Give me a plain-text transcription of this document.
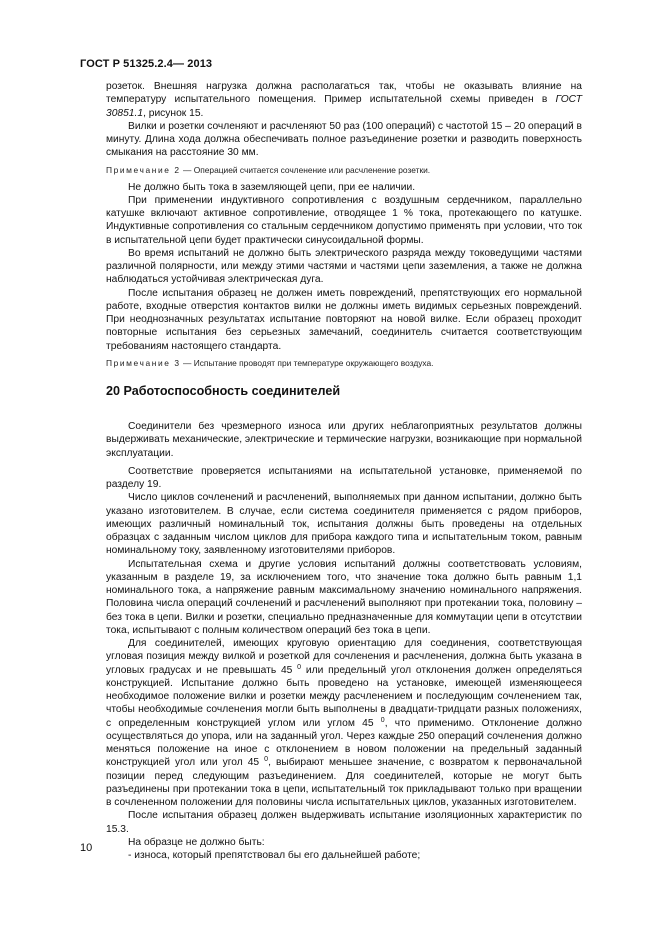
ГОСТ Р 51325.2.4— 2013

розеток. Внешняя нагрузка должна располагаться так, чтобы не оказывать влияние на температуру испытательного помещения. Пример испытательной схемы приведен в ГОСТ 30851.1, рисунок 15.

Вилки и розетки сочленяют и расчленяют 50 раз (100 операций) с частотой 15 – 20 операций в минуту. Длина хода должна обеспечивать полное разъединение розетки и разводить поверхность смыкания на расстояние 30 мм.

Примечание 2 — Операцией считается сочленение или расчленение розетки.

Не должно быть тока в заземляющей цепи, при ее наличии.

При применении индуктивного сопротивления с воздушным сердечником, параллельно катушке включают активное сопротивление, отводящее 1 % тока, протекающего по катушке. Индуктивные сопротивления со стальным сердечником допустимо применять при условии, что ток в испытательной цепи будет практически синусоидальной формы.

Во время испытаний не должно быть электрического разряда между токоведущими частями различной полярности, или между этими частями и частями цепи заземления, а также не должна наблюдаться устойчивая электрическая дуга.

После испытания образец не должен иметь повреждений, препятствующих его нормальной работе, входные отверстия контактов вилки не должны иметь видимых серьезных повреждений. При неоднозначных результатах испытание повторяют на новой вилке. Если образец проходит повторные испытания без серьезных замечаний, соединитель считается соответствующим требованиям настоящего стандарта.

Примечание 3 — Испытание проводят при температуре окружающего воздуха.

20 Работоспособность соединителей

Соединители без чрезмерного износа или других неблагоприятных результатов должны выдерживать механические, электрические и термические нагрузки, возникающие при нормальной эксплуатации.

Соответствие проверяется испытаниями на испытательной установке, применяемой по разделу 19.

Число циклов сочленений и расчленений, выполняемых при данном испытании, должно быть указано изготовителем. В случае, если система соединителя применяется с рядом приборов, имеющих различный номинальный ток, испытания должны быть проведены на отдельных образцах с заданным числом циклов для прибора каждого типа и испытательным током, равным номинальному току, заявленному изготовителями приборов.

Испытательная схема и другие условия испытаний должны соответствовать условиям, указанным в разделе 19, за исключением того, что значение тока должно быть равным 1,1 номинального тока, а напряжение равным максимальному значению номинального напряжения. Половина числа операций сочленений и расчленений выполняют при протекании тока, половину – без тока в цепи. Вилки и розетки, специально предназначенные для коммутации цепи в отсутствии тока, испытывают с полным количеством операций без тока в цепи.

Для соединителей, имеющих круговую ориентацию для соединения, соответствующая угловая позиция между вилкой и розеткой для сочленения и расчленения, должна быть указана в угловых градусах и не превышать 45 $^0$ или предельный угол отклонения должен определяться конструкцией. Испытание должно быть проведено на установке, имеющей изменяющееся необходимое положение вилки и розетки между расчленением и последующим сочленением так, чтобы необходимые сочленения могли быть выполнены в двадцати-тридцати разных положениях, с определенным конструкцией углом или углом 45 $^0$, что применимо. Отклонение должно осуществляться до упора, или на заданный угол. Через каждые 250 операций сочленения должно меняться положение на иное с отклонением в новом положении на предельный заданный конструкцией угол или угол 45 $^0$, выбирают меньшее значение, с возвратом к первоначальной позиции перед следующим разъединением. Для соединителей, которые не могут быть разъединены при протекании тока в цепи, испытательный ток прикладывают только при вращении в сочлененном положении для половины числа испытательных циклов, указанных изготовителем.

После испытания образец должен выдерживать испытание изоляционных характеристик по 15.3.

На образце не должно быть:

- износа, который препятствовал бы его дальнейшей работе;

10
